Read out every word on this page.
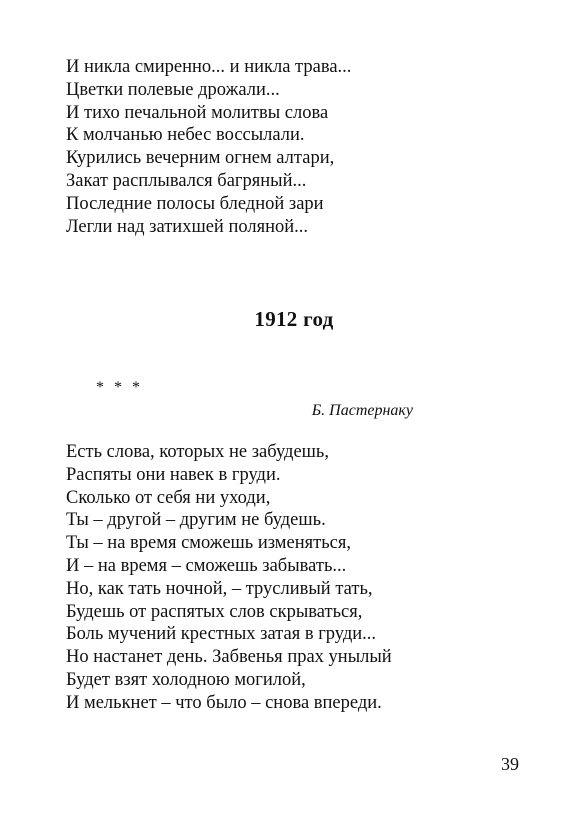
И никла смиренно... и никла трава...
Цветки полевые дрожали...
И тихо печальной молитвы слова
К молчанью небес воссылали.
Курились вечерним огнем алтари,
Закат расплывался багряный...
Последние полосы бледной зари
Легли над затихшей поляной...
1912 год
* * *
Б. Пастернаку
Есть слова, которых не забудешь,
Распяты они навек в груди.
Сколько от себя ни уходи,
Ты – другой – другим не будешь.
Ты – на время сможешь изменяться,
И – на время – сможешь забывать...
Но, как тать ночной, – трусливый тать,
Будешь от распятых слов скрываться,
Боль мучений крестных затая в груди...
Но настанет день. Забвенья прах унылый
Будет взят холодною могилой,
И мелькнет – что было – снова впереди.
39
